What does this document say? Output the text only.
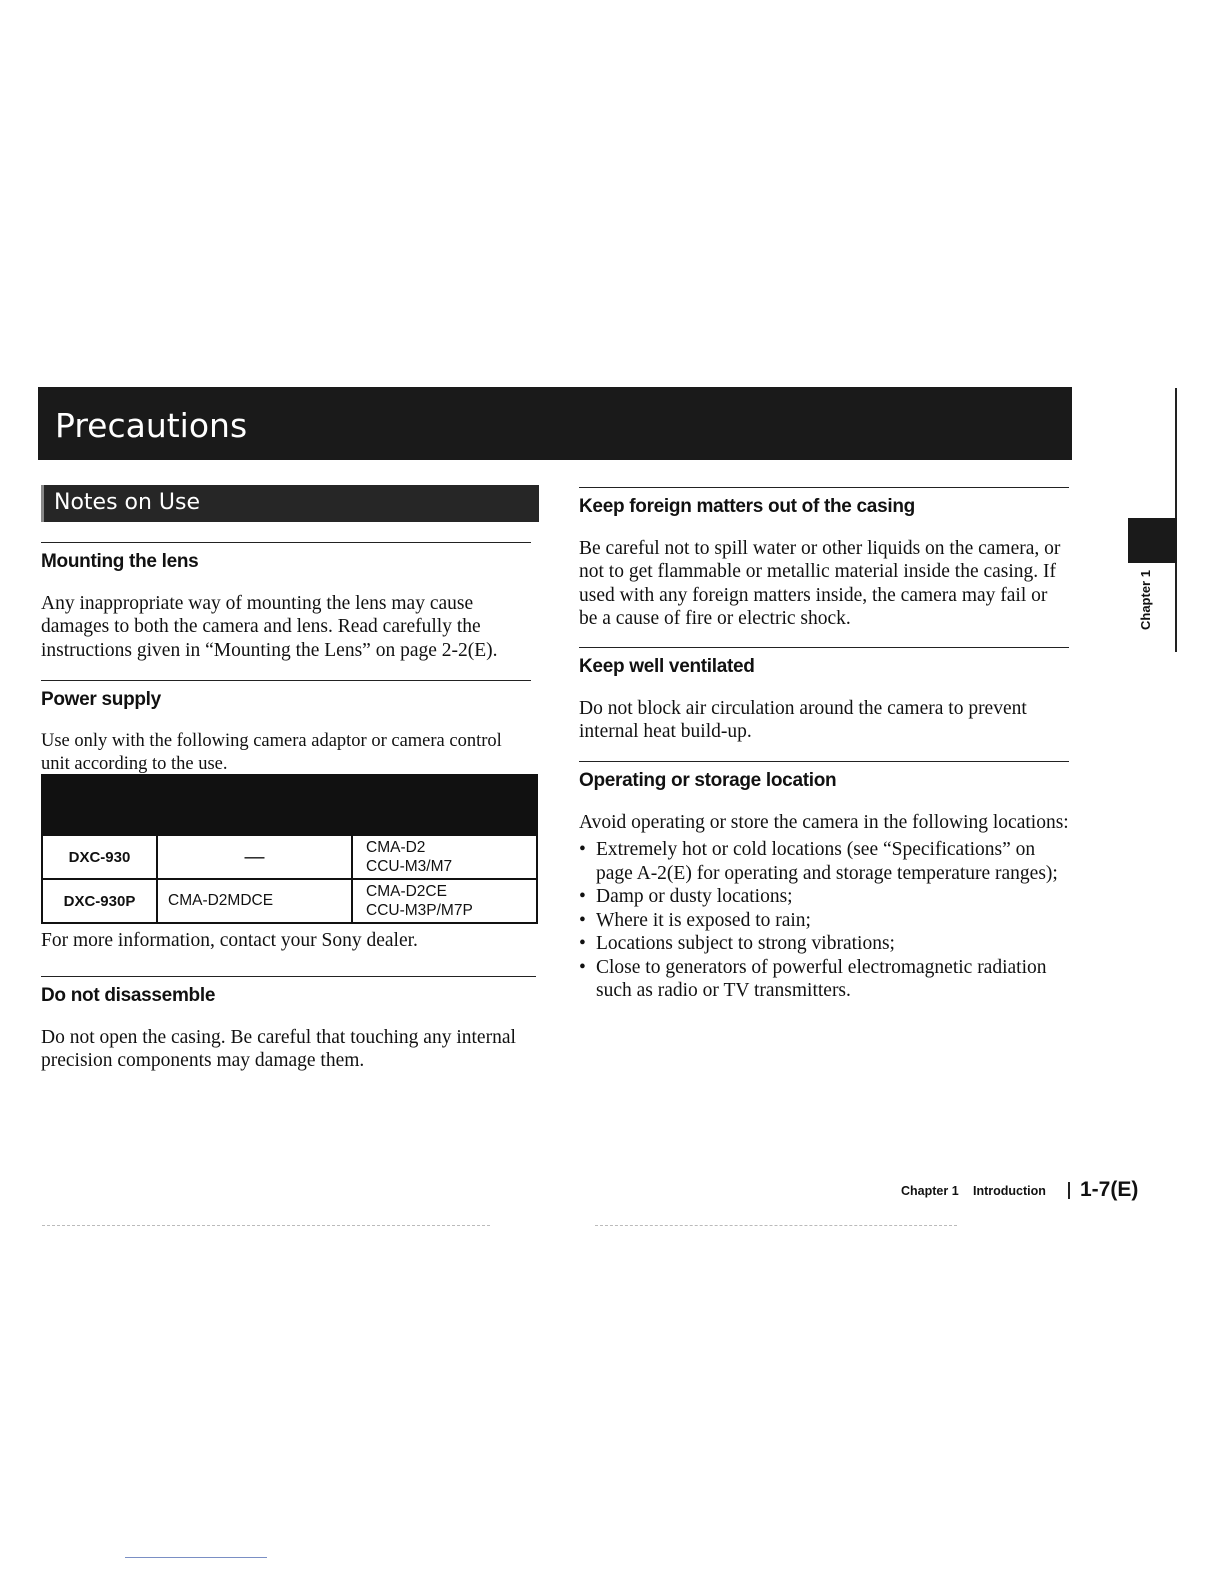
Precautions
Notes on Use
Mounting the lens

Any inappropriate way of mounting the lens may cause damages to both the camera and lens. Read carefully the instructions given in “Mounting the Lens” on page 2-2(E).

Power supply

Use only with the following camera adaptor or camera control unit according to the use.

DXC-930	—	CMA-D2
CCU-M3/M7

DXC-930P	CMA-D2MDCE	CMA-D2CE
CCU-M3P/M7P

For more information, contact your Sony dealer.

Do not disassemble

Do not open the casing. Be careful that touching any internal precision components may damage them.

Keep foreign matters out of the casing

Be careful not to spill water or other liquids on the camera, or not to get flammable or metallic material inside the casing. If used with any foreign matters inside, the camera may fail or be a cause of fire or electric shock.

Keep well ventilated

Do not block air circulation around the camera to prevent internal heat build-up.

Operating or storage location

Avoid operating or store the camera in the following locations:

• Extremely hot or cold locations (see “Specifications” on page A-2(E) for operating and storage temperature ranges);
• Damp or dusty locations;
• Where it is exposed to rain;
• Locations subject to strong vibrations;
• Close to generators of powerful electromagnetic radiation such as radio or TV transmitters.
Chapter 1
Chapter 1 Introduction 1-7(E)
